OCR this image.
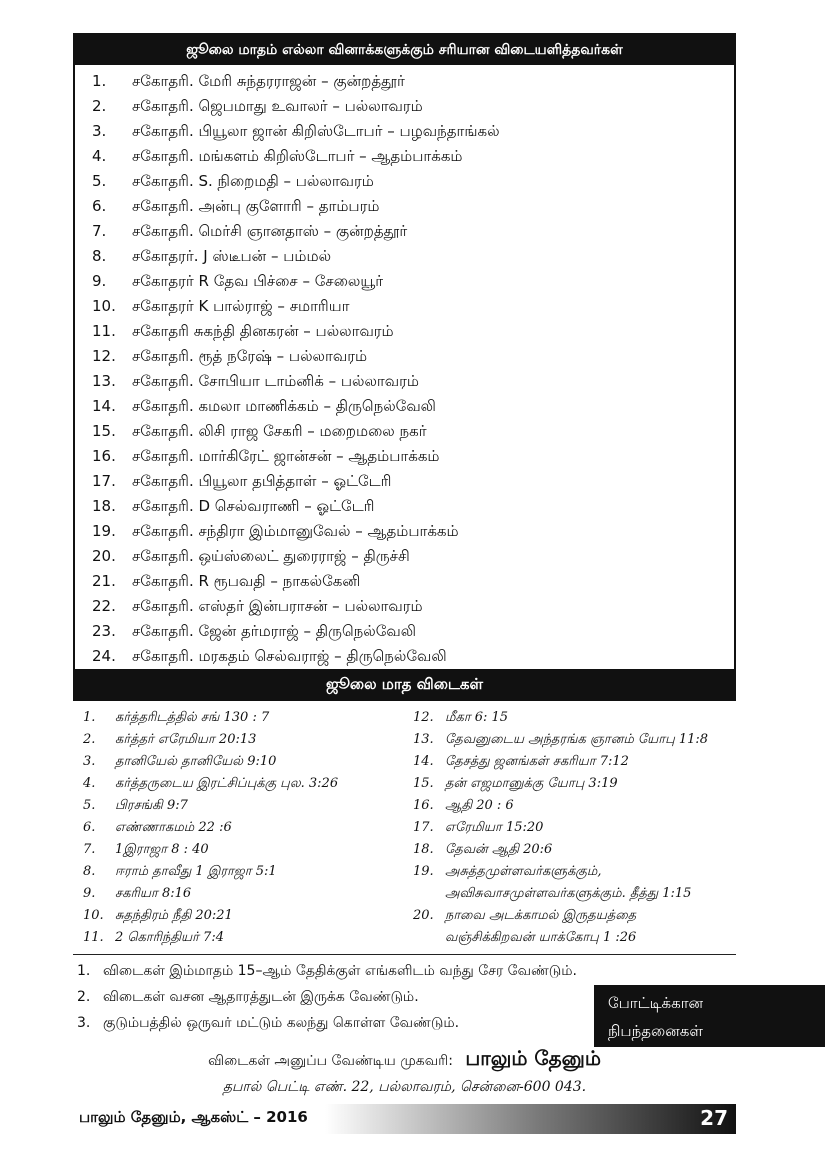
ஜூலை மாதம் எல்லா வினாக்களுக்கும் சரியான விடையளித்தவர்கள்
1.	சகோதரி. மேரி சுந்தரராஜன் – குன்றத்தூர்
2.	சகோதரி. ஜெபமாது உவாலர் – பல்லாவரம்
3.	சகோதரி. பியூலா ஜான் கிறிஸ்டோபர் – பழவந்தாங்கல்
4.	சகோதரி. மங்களம் கிறிஸ்டோபர் – ஆதம்பாக்கம்
5.	சகோதரி. S. நிறைமதி – பல்லாவரம்
6.	சகோதரி. அன்பு குளோரி – தாம்பரம்
7.	சகோதரி. மெர்சி ஞானதாஸ் – குன்றத்தூர்
8.	சகோதரர். J ஸ்டீபன் – பம்மல்
9.	சகோதரர் R தேவ பிச்சை – சேலையூர்
10.	சகோதரர் K பால்ராஜ் – சமாரியா
11.	சகோதரி சுகந்தி தினகரன் – பல்லாவரம்
12.	சகோதரி. ரூத் நரேஷ் – பல்லாவரம்
13.	சகோதரி. சோபியா டாம்னிக் – பல்லாவரம்
14.	சகோதரி. கமலா மாணிக்கம் – திருநெல்வேலி
15.	சகோதரி. லிசி ராஜ சேகரி – மறைமலை நகர்
16.	சகோதரி. மார்கிரேட் ஜான்சன் – ஆதம்பாக்கம்
17.	சகோதரி. பியூலா தபித்தாள் – ஓட்டேரி
18.	சகோதரி. D செல்வராணி – ஓட்டேரி
19.	சகோதரி. சந்திரா இம்மானுவேல் – ஆதம்பாக்கம்
20.	சகோதரி. ஒய்ஸ்லைட் துரைராஜ் – திருச்சி
21.	சகோதரி. R ரூபவதி – நாகல்கேனி
22.	சகோதரி. எஸ்தர் இன்பராசன் – பல்லாவரம்
23.	சகோதரி. ஜேன் தர்மராஜ் – திருநெல்வேலி
24.	சகோதரி. மரகதம் செல்வராஜ் – திருநெல்வேலி
ஜூலை மாத விடைகள்
1.	கர்த்தரிடத்தில் சங் 130 : 7
2.	கர்த்தர் எரேமியா 20:13
3.	தானியேல் தானியேல் 9:10
4.	கர்த்தருடைய இரட்சிப்புக்கு புல. 3:26
5.	பிரசங்கி 9:7
6.	எண்ணாகமம் 22 :6
7.	1இராஜா 8 : 40
8.	ஈராம் தாவீது 1 இராஜா 5:1
9.	சகரியா 8:16
10. சுதந்திரம் நீதி 20:21
11. 2 கொரிந்தியர் 7:4
12. மீகா 6: 15
13. தேவனுடைய அந்தரங்க ஞானம் யோபு 11:8
14. தேசத்து ஜனங்கள் சகரியா 7:12
15. தன் எஜமானுக்கு யோபு 3:19
16. ஆதி 20 : 6
17. எரேமியா 15:20
18. தேவன் ஆதி 20:6
19. அசுத்தமுள்ளவர்களுக்கும்,
அவிசுவாசமுள்ளவர்களுக்கும். தீத்து 1:15
20. நாவை அடக்காமல் இருதயத்தை
வஞ்சிக்கிறவன் யாக்கோபு 1 :26
1. விடைகள் இம்மாதம் 15–ஆம் தேதிக்குள் எங்களிடம் வந்து சேர வேண்டும்.
2. விடைகள் வசன ஆதாரத்துடன் இருக்க வேண்டும்.
3. குடும்பத்தில் ஒருவர் மட்டும் கலந்து கொள்ள வேண்டும்.
போட்டிக்கான
நிபந்தனைகள்
விடைகள் அனுப்ப வேண்டிய முகவரி: பாலும் தேனும்
தபால் பெட்டி எண். 22, பல்லாவரம், சென்னை-600 043.
பாலும் தேனும், ஆகஸ்ட் – 2016	27
